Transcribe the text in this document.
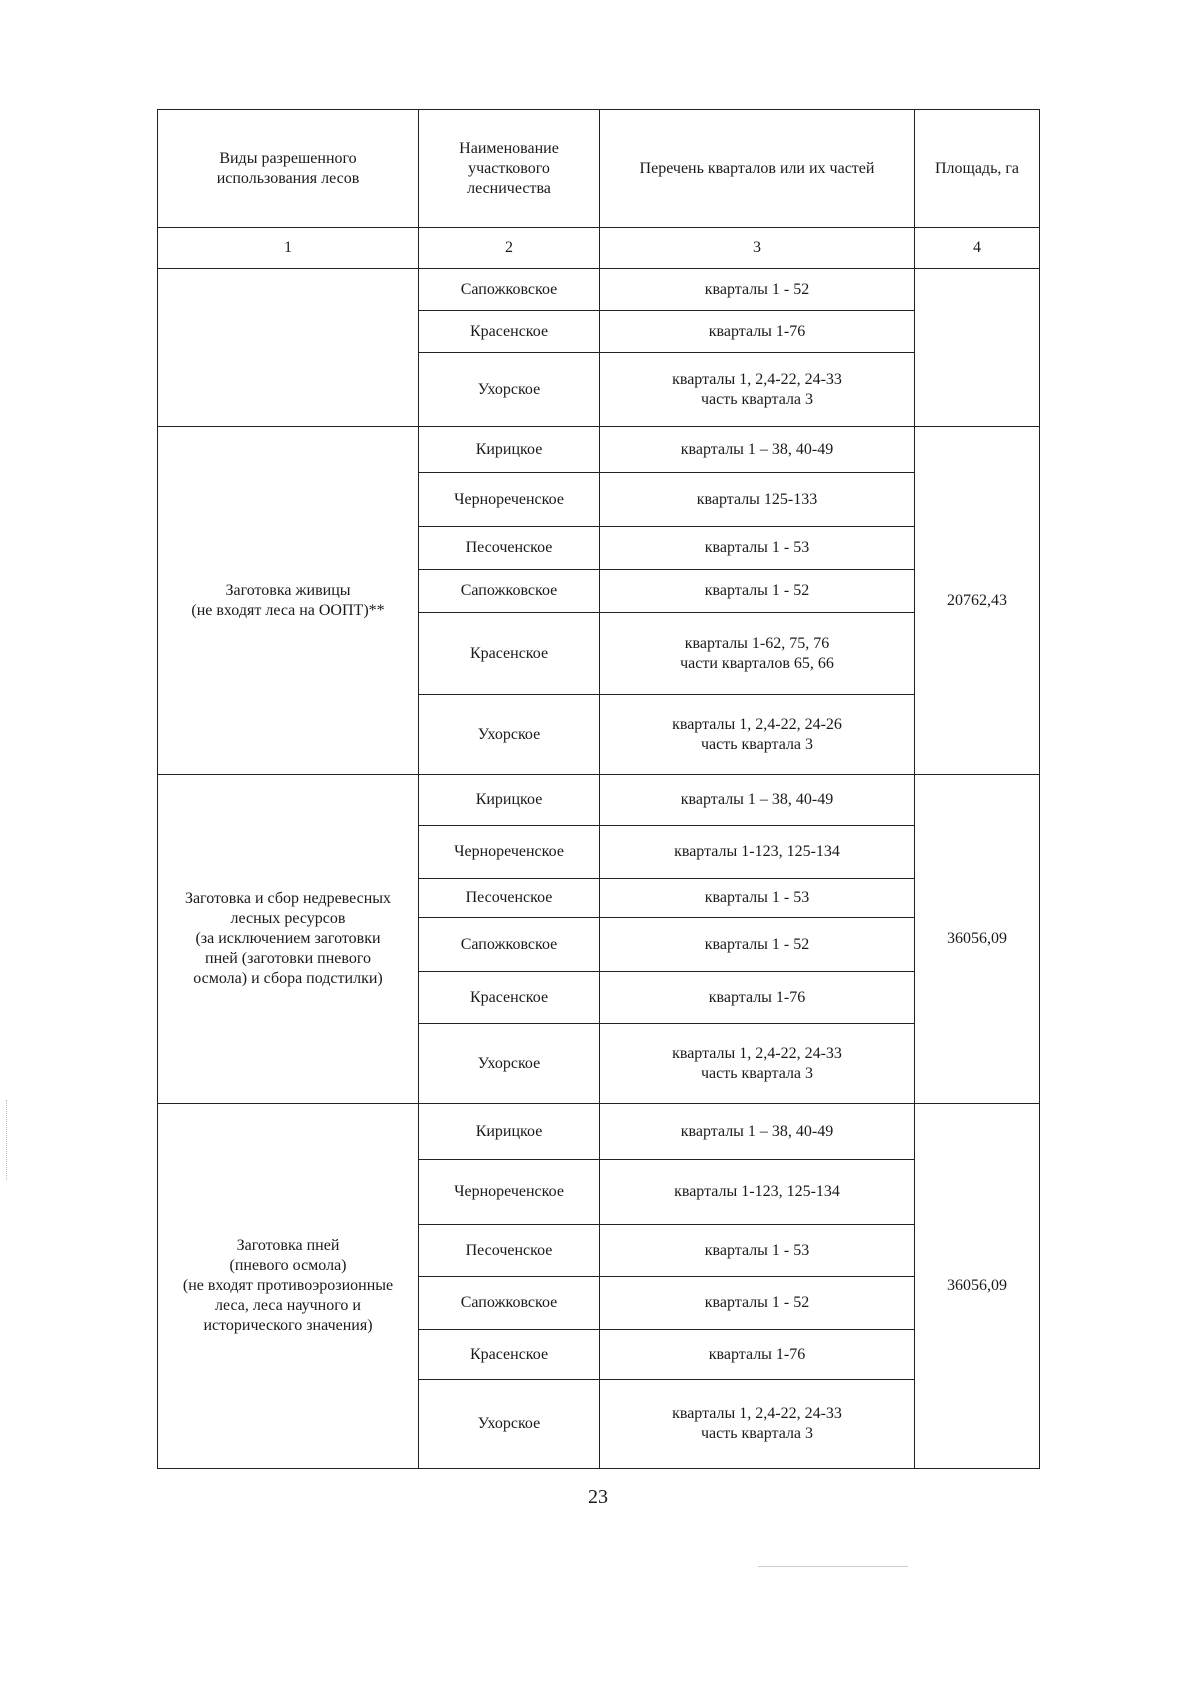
Виды разрешенного
использования лесов	Наименование
участкового
лесничества	Перечень кварталов или их частей	Площадь, га
1	2	3	4
	Сапожковское	кварталы 1 - 52	
	Красенское	кварталы 1-76	
	Ухорское	кварталы 1, 2,4-22, 24-33
часть квартала 3	
Заготовка живицы
(не входят леса на ООПТ)**	Кирицкое	кварталы 1 – 38, 40-49	20762,43
	Чернореченское	кварталы 125-133	
	Песоченское	кварталы 1 - 53	
	Сапожковское	кварталы 1 - 52	
	Красенское	кварталы 1-62, 75, 76
части кварталов 65, 66	
	Ухорское	кварталы 1, 2,4-22, 24-26
часть квартала 3	
Заготовка и сбор недревесных
лесных ресурсов
(за исключением заготовки
пней (заготовки пневого
осмола) и сбора подстилки)	Кирицкое	кварталы 1 – 38, 40-49	36056,09
	Чернореченское	кварталы 1-123, 125-134	
	Песоченское	кварталы 1 - 53	
	Сапожковское	кварталы 1 - 52	
	Красенское	кварталы 1-76	
	Ухорское	кварталы 1, 2,4-22, 24-33
часть квартала 3	
Заготовка пней
(пневого осмола)
(не входят противоэрозионные
леса, леса научного и
исторического значения)	Кирицкое	кварталы 1 – 38, 40-49	36056,09
	Чернореченское	кварталы 1-123, 125-134	
	Песоченское	кварталы 1 - 53	
	Сапожковское	кварталы 1 - 52	
	Красенское	кварталы 1-76	
	Ухорское	кварталы 1, 2,4-22, 24-33
часть квартала 3	
23
